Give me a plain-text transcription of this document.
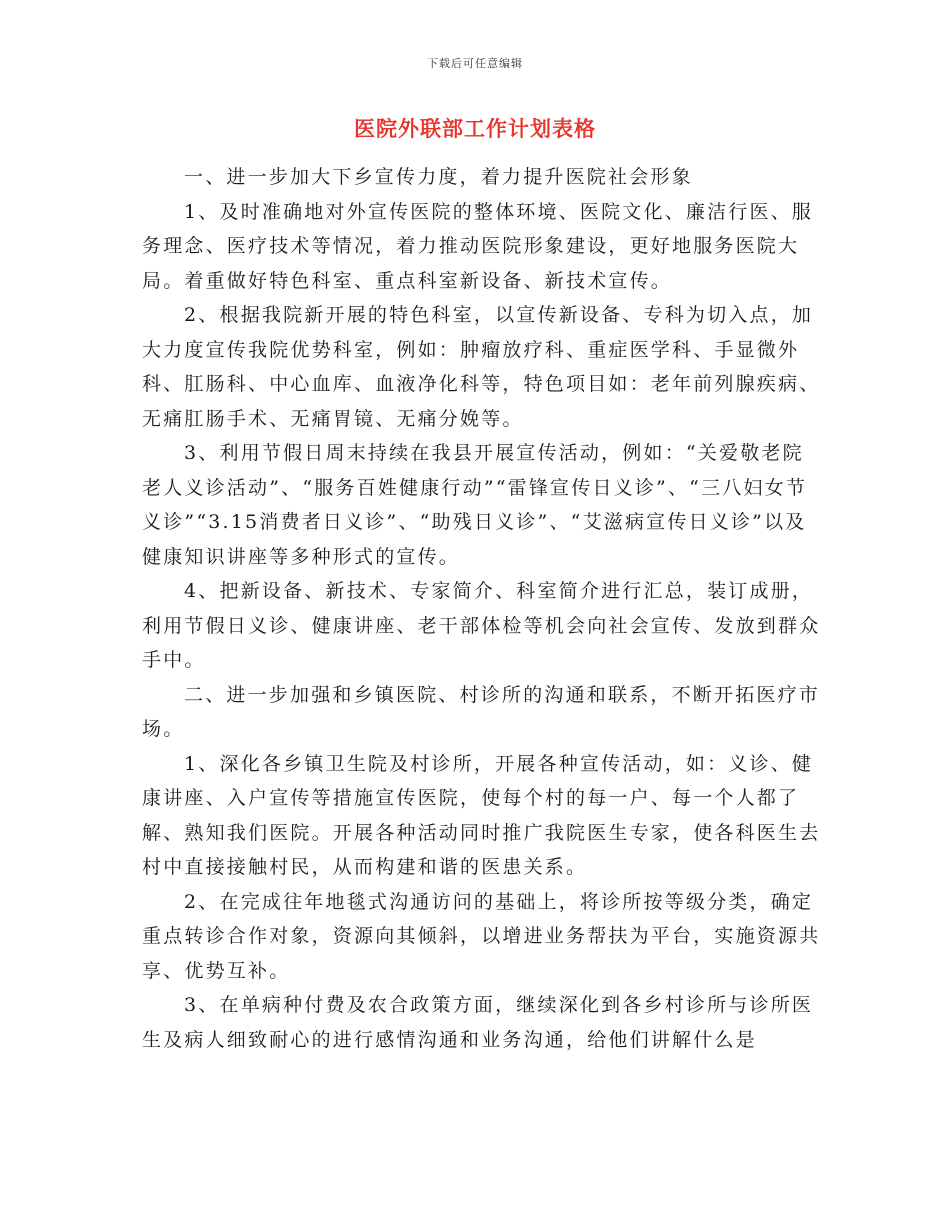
下载后可任意编辑
医院外联部工作计划表格

一、进一步加大下乡宣传力度，着力提升医院社会形象

1、及时准确地对外宣传医院的整体环境、医院文化、廉洁行医、服务理念、医疗技术等情况，着力推动医院形象建设，更好地服务医院大局。着重做好特色科室、重点科室新设备、新技术宣传。

2、根据我院新开展的特色科室，以宣传新设备、专科为切入点，加大力度宣传我院优势科室，例如：肿瘤放疗科、重症医学科、手显微外科、肛肠科、中心血库、血液净化科等，特色项目如：老年前列腺疾病、无痛肛肠手术、无痛胃镜、无痛分娩等。

3、利用节假日周末持续在我县开展宣传活动，例如：“关爱敬老院老人义诊活动”、“服务百姓健康行动”“雷锋宣传日义诊”、“三八妇女节义诊”“3.15消费者日义诊”、“助残日义诊”、“艾滋病宣传日义诊”以及健康知识讲座等多种形式的宣传。

4、把新设备、新技术、专家简介、科室简介进行汇总，装订成册，利用节假日义诊、健康讲座、老干部体检等机会向社会宣传、发放到群众手中。

二、进一步加强和乡镇医院、村诊所的沟通和联系，不断开拓医疗市场。

1、深化各乡镇卫生院及村诊所，开展各种宣传活动，如：义诊、健康讲座、入户宣传等措施宣传医院，使每个村的每一户、每一个人都了解、熟知我们医院。开展各种活动同时推广我院医生专家，使各科医生去村中直接接触村民，从而构建和谐的医患关系。

2、在完成往年地毯式沟通访问的基础上，将诊所按等级分类，确定重点转诊合作对象，资源向其倾斜，以增进业务帮扶为平台，实施资源共享、优势互补。

3、在单病种付费及农合政策方面，继续深化到各乡村诊所与诊所医生及病人细致耐心的进行感情沟通和业务沟通，给他们讲解什么是
